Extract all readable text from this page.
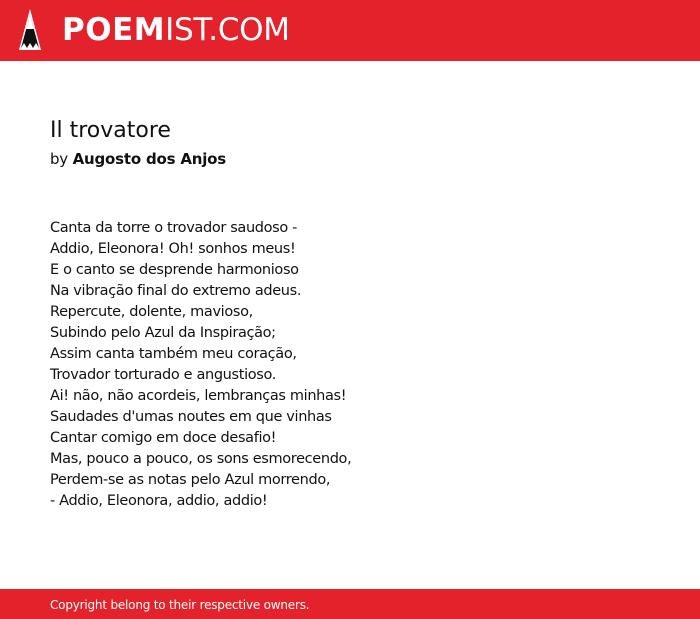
POEMIST.COM
Il trovatore
by Augosto dos Anjos
Canta da torre o trovador saudoso -
Addio, Eleonora! Oh! sonhos meus!
E o canto se desprende harmonioso
Na vibração final do extremo adeus.
Repercute, dolente, mavioso,
Subindo pelo Azul da Inspiração;
Assim canta também meu coração,
Trovador torturado e angustioso.
Ai! não, não acordeis, lembranças minhas!
Saudades d'umas noutes em que vinhas
Cantar comigo em doce desafio!
Mas, pouco a pouco, os sons esmorecendo,
Perdem-se as notas pelo Azul morrendo,
- Addio, Eleonora, addio, addio!
Copyright belong to their respective owners.
